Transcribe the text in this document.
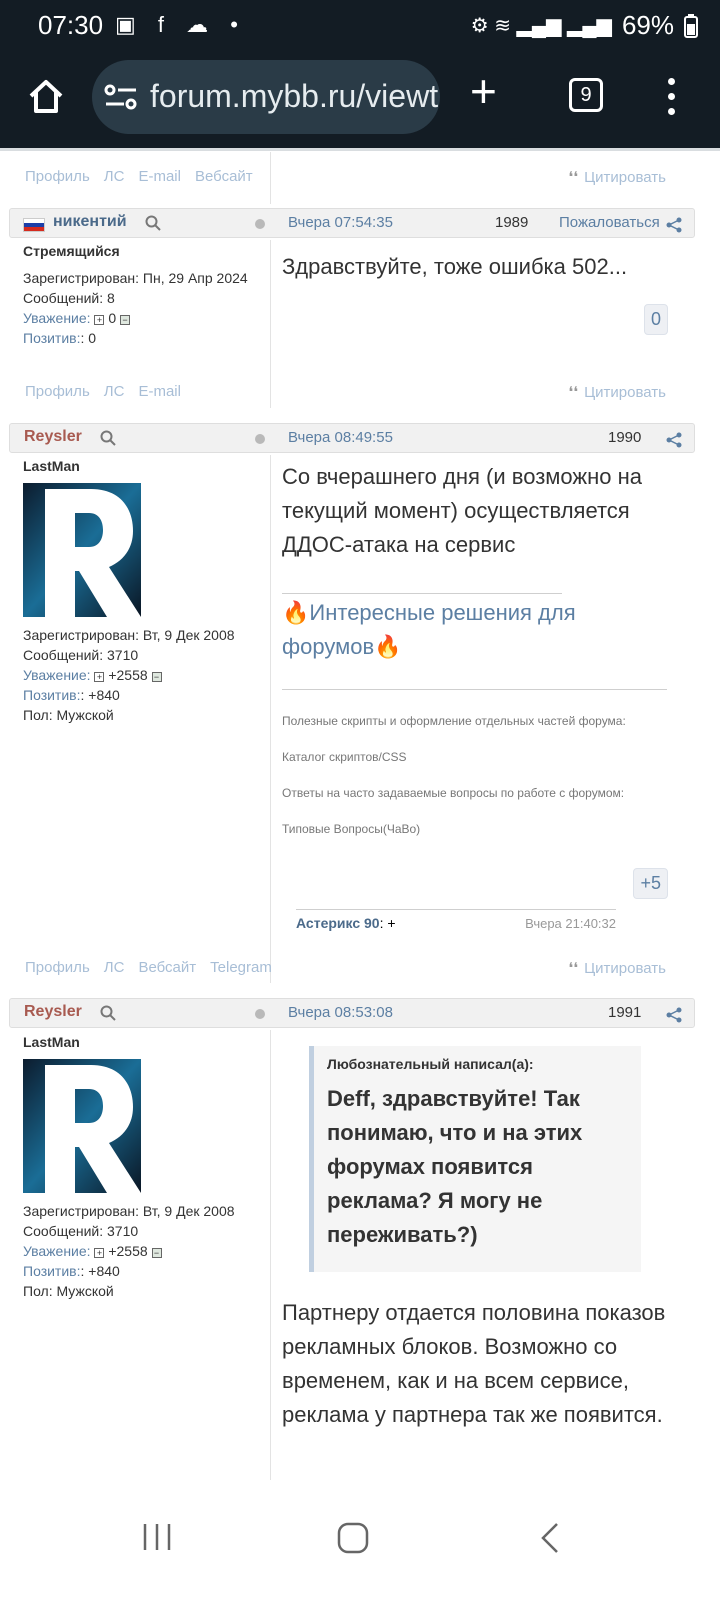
07:30 ▣ f ☁ •	⚙ ≋ ▂▄▆ ▂▄▆ 69%
forum.mybb.ru/viewt +	9
Профиль ЛС E-mail Вебсайт	❛❛ Цитировать
никентий	Вчера 07:54:35	1989 Пожаловаться
Стремящийся
Зарегистрирован: Пн, 29 Апр 2024
Сообщений: 8
Уважение: + 0 −
Позитив:: 0
Здравствуйте, тоже ошибка 502...
0
Профиль ЛС E-mail	❛❛ Цитировать
Reysler	Вчера 08:49:55	1990
LastMan
Зарегистрирован: Вт, 9 Дек 2008
Сообщений: 3710
Уважение: + +2558 −
Позитив:: +840
Пол: Мужской
Со вчерашнего дня (и возможно на текущий момент) осуществляется ДДОС-атака на сервис
🔥Интересные решения для форумов🔥
Полезные скрипты и оформление отдельных частей форума:
Каталог скриптов/CSS
Ответы на часто задаваемые вопросы по работе с форумом:
Типовые Вопросы(ЧаВо)
+5
Астерикс 90: +	Вчера 21:40:32
Профиль ЛС Вебсайт Telegram	❛❛ Цитировать
Reysler	Вчера 08:53:08	1991
LastMan
Зарегистрирован: Вт, 9 Дек 2008
Сообщений: 3710
Уважение: + +2558 −
Позитив:: +840
Пол: Мужской
Любознательный написал(а):
Deff, здравствуйте! Так понимаю, что и на этих форумах появится реклама? Я могу не переживать?)
Партнеру отдается половина показов рекламных блоков. Возможно со временем, как и на всем сервисе, реклама у партнера так же появится.
